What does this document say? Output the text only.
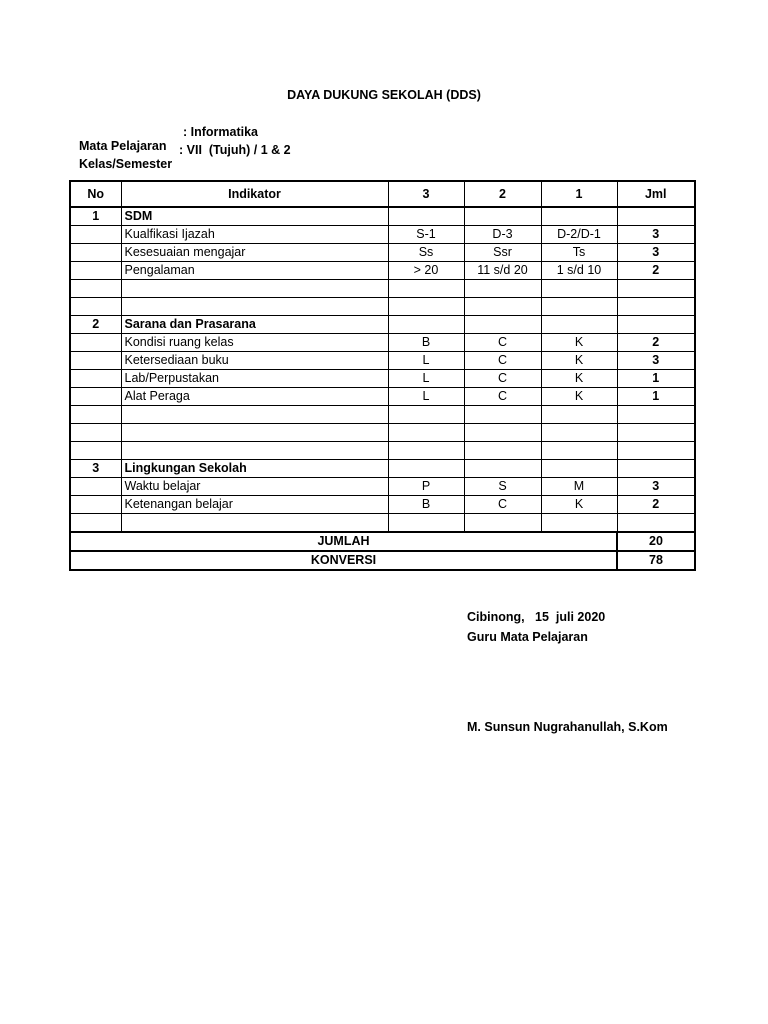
DAYA DUKUNG SEKOLAH (DDS)

Mata Pelajaran

: Informatika

Kelas/Semester

: VII  (Tujuh) / 1 & 2

No	Indikator	3	2	1	Jml
1	SDM				
	Kualfikasi Ijazah	S-1	D-3	D-2/D-1	3
	Kesesuaian mengajar	Ss	Ssr	Ts	3
	Pengalaman	> 20	11 s/d 20	1 s/d 10	2

2	Sarana dan Prasarana				
	Kondisi ruang kelas	B	C	K	2
	Ketersediaan buku	L	C	K	3
	Lab/Perpustakan	L	C	K	1
	Alat Peraga	L	C	K	1

3	Lingkungan Sekolah				
	Waktu belajar	P	S	M	3
	Ketenangan belajar	B	C	K	2

JUMLAH					20
KONVERSI					78
Cibinong,   15  juli 2020
Guru Mata Pelajaran
M. Sunsun Nugrahanullah, S.Kom
